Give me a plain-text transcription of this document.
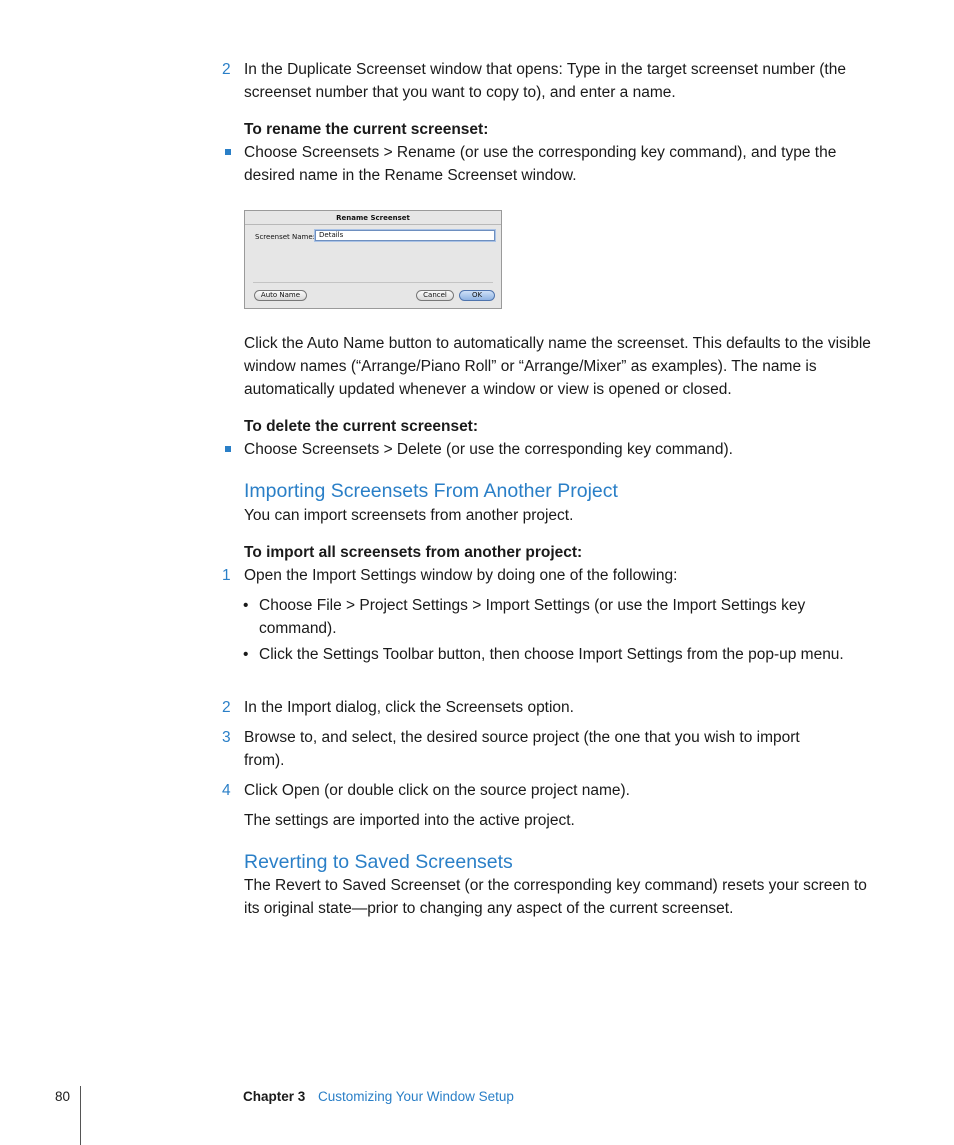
2 In the Duplicate Screenset window that opens: Type in the target screenset number (the screenset number that you want to copy to), and enter a name.
To rename the current screenset:
Choose Screensets > Rename (or use the corresponding key command), and type the desired name in the Rename Screenset window.
Rename Screenset
Screenset Name: Details
Auto Name	Cancel	OK
Click the Auto Name button to automatically name the screenset. This defaults to the visible window names (“Arrange/Piano Roll” or “Arrange/Mixer” as examples). The name is automatically updated whenever a window or view is opened or closed.
To delete the current screenset:
Choose Screensets > Delete (or use the corresponding key command).
Importing Screensets From Another Project
You can import screensets from another project.
To import all screensets from another project:
1 Open the Import Settings window by doing one of the following:
• Choose File > Project Settings > Import Settings (or use the Import Settings key command).
• Click the Settings Toolbar button, then choose Import Settings from the pop-up menu.
2 In the Import dialog, click the Screensets option.
3 Browse to, and select, the desired source project (the one that you wish to import from).
4 Click Open (or double click on the source project name).
The settings are imported into the active project.
Reverting to Saved Screensets
The Revert to Saved Screenset (or the corresponding key command) resets your screen to its original state—prior to changing any aspect of the current screenset.
80	Chapter 3 Customizing Your Window Setup
